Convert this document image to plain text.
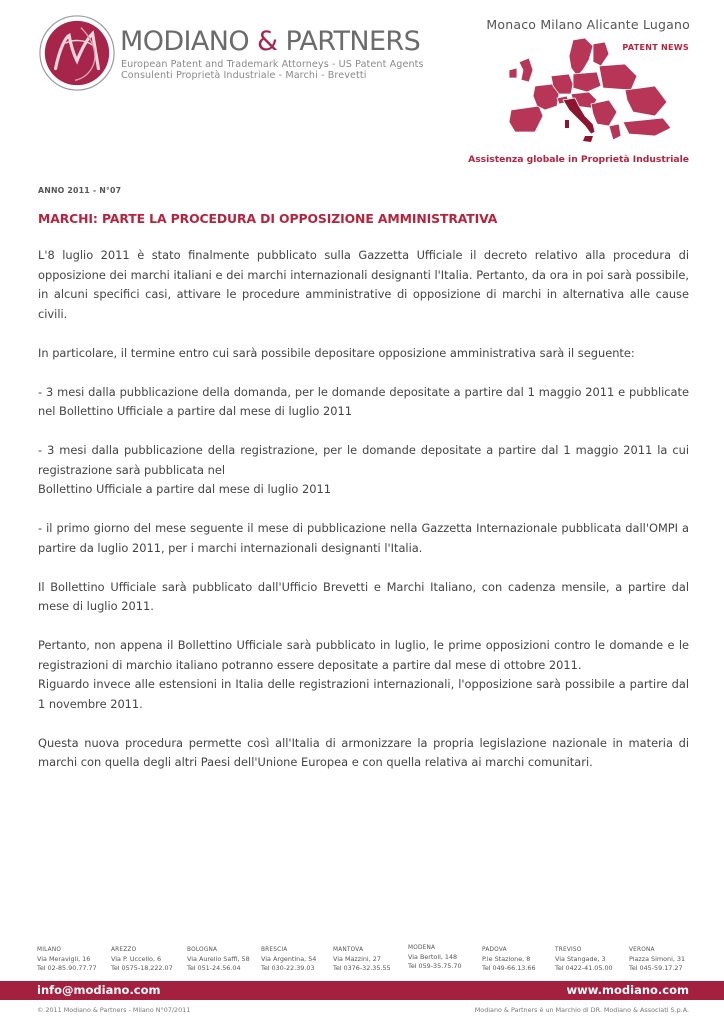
MODIANO & PARTNERS
European Patent and Trademark Attorneys - US Patent Agents
Consulenti Proprietà Industriale - Marchi - Brevetti
Monaco Milano Alicante Lugano
PATENT NEWS
Assistenza globale in Proprietà Industriale
ANNO 2011 - N°07
MARCHI: PARTE LA PROCEDURA DI OPPOSIZIONE AMMINISTRATIVA

L'8 luglio 2011 è stato finalmente pubblicato sulla Gazzetta Ufficiale il decreto relativo alla procedura di opposizione dei marchi italiani e dei marchi internazionali designanti l'Italia. Pertanto, da ora in poi sarà possibile, in alcuni specifici casi, attivare le procedure amministrative di opposizione di marchi in alternativa alle cause civili.

In particolare, il termine entro cui sarà possibile depositare opposizione amministrativa sarà il seguente:

- 3 mesi dalla pubblicazione della domanda, per le domande depositate a partire dal 1 maggio 2011 e pubblicate nel Bollettino Ufficiale a partire dal mese di luglio 2011

- 3 mesi dalla pubblicazione della registrazione, per le domande depositate a partire dal 1 maggio 2011 la cui registrazione sarà pubblicata nel

Bollettino Ufficiale a partire dal mese di luglio 2011

- il primo giorno del mese seguente il mese di pubblicazione nella Gazzetta Internazionale pubblicata dall'OMPI a partire da luglio 2011, per i marchi internazionali designanti l'Italia.

Il Bollettino Ufficiale sarà pubblicato dall'Ufficio Brevetti e Marchi Italiano, con cadenza mensile, a partire dal mese di luglio 2011.

Pertanto, non appena il Bollettino Ufficiale sarà pubblicato in luglio, le prime opposizioni contro le domande e le registrazioni di marchio italiano potranno essere depositate a partire dal mese di ottobre 2011.

Riguardo invece alle estensioni in Italia delle registrazioni internazionali, l'opposizione sarà possibile a partire dal 1 novembre 2011.

Questa nuova procedura permette così all'Italia di armonizzare la propria legislazione nazionale in materia di marchi con quella degli altri Paesi dell'Unione Europea e con quella relativa ai marchi comunitari.

MILANO
Via Meravigli, 16
Tel 02-85.90.77.77
AREZZO
Via P. Uccello, 6
Tel 0575-18.222.07
BOLOGNA
Via Aurelio Saffi, 58
Tel 051-24.56.04
BRESCIA
Via Argentina, 54
Tel 030-22.39.03
MANTOVA
Via Mazzini, 27
Tel 0376-32.35.55
MODENA
Via Bertoli, 148
Tel 059-35.75.70
PADOVA
P.le Stazione, 8
Tel 049-66.13.66
TREVISO
Via Stangade, 3
Tel 0422-41.05.00
VERONA
Piazza Simoni, 31
Tel 045-59.17.27
info@modiano.com	www.modiano.com
© 2011 Modiano & Partners - Milano N°07/2011	Modiano & Partners è un Marchio di DR. Modiano & Associati S.p.A.
